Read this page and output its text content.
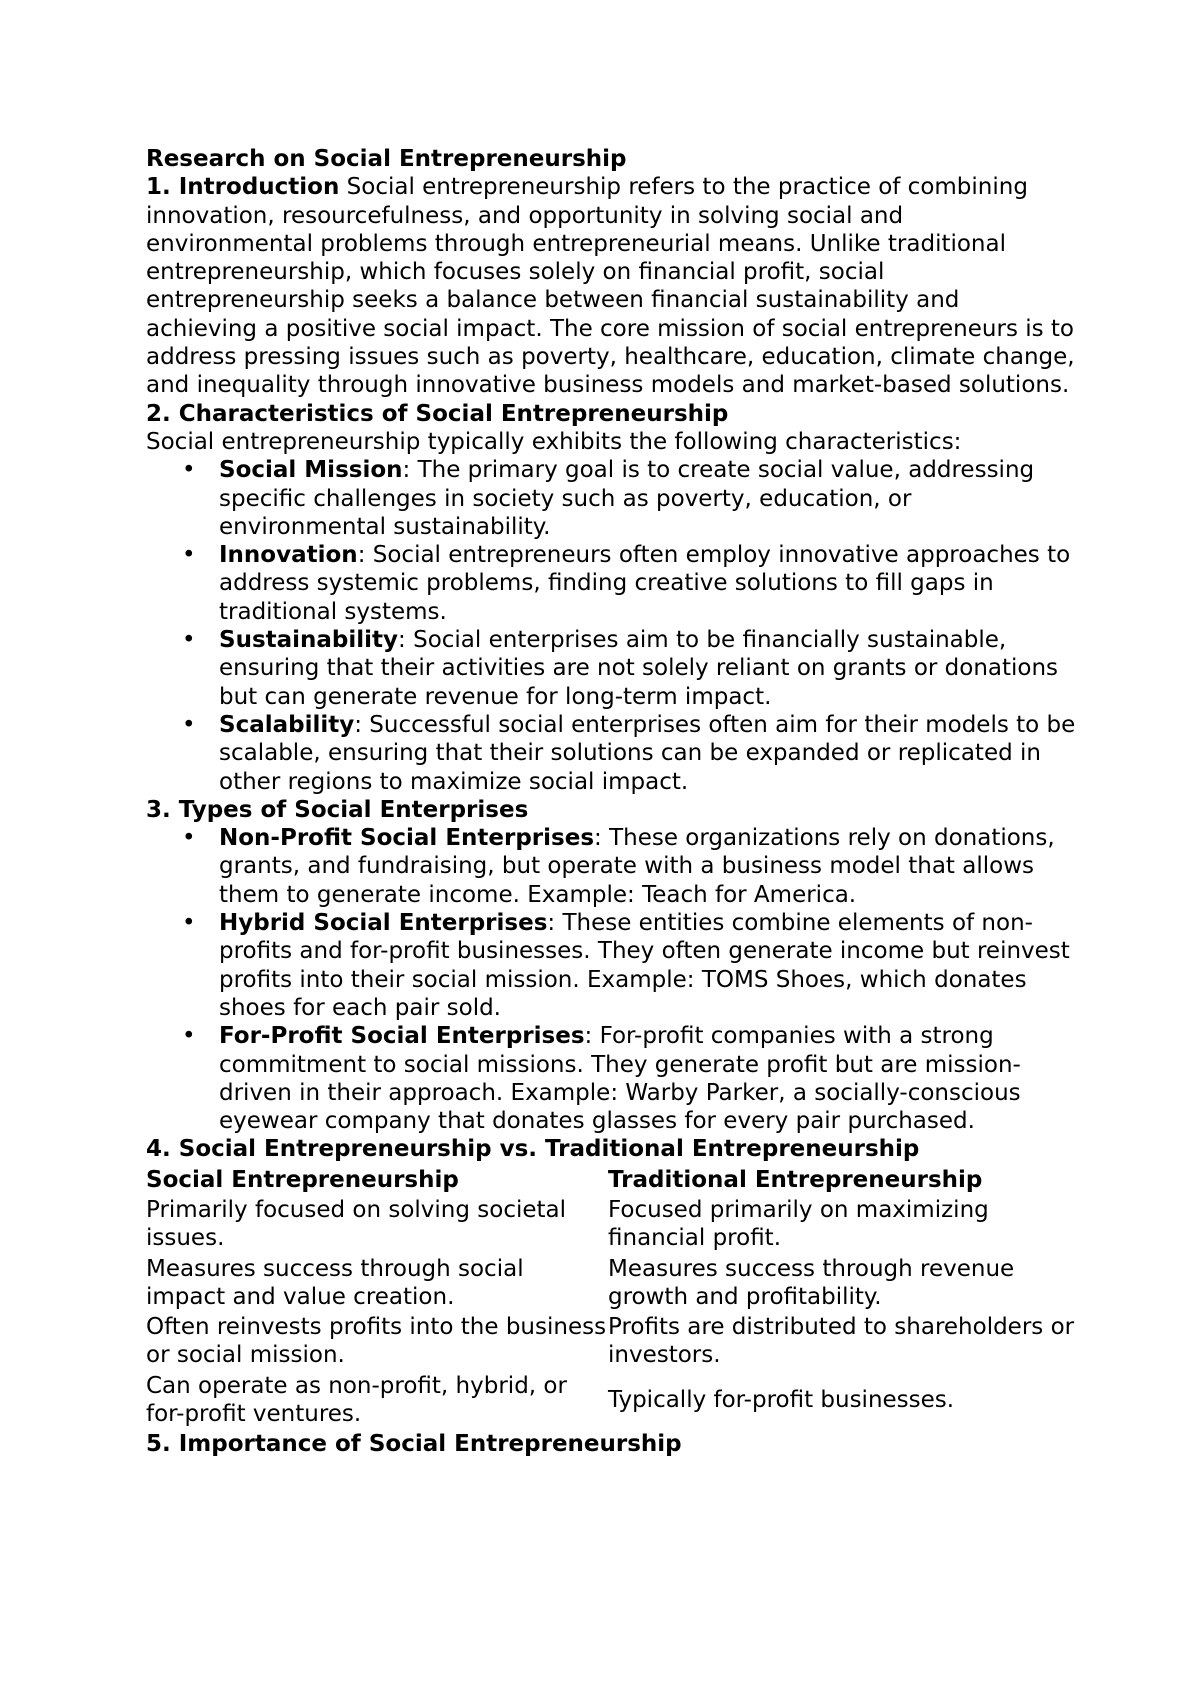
Research on Social Entrepreneurship

1. Introduction Social entrepreneurship refers to the practice of combining innovation, resourcefulness, and opportunity in solving social and environmental problems through entrepreneurial means. Unlike traditional entrepreneurship, which focuses solely on financial profit, social entrepreneurship seeks a balance between financial sustainability and achieving a positive social impact. The core mission of social entrepreneurs is to address pressing issues such as poverty, healthcare, education, climate change, and inequality through innovative business models and market-based solutions.

2. Characteristics of Social Entrepreneurship

Social entrepreneurship typically exhibits the following characteristics:

• Social Mission: The primary goal is to create social value, addressing specific challenges in society such as poverty, education, or environmental sustainability.
• Innovation: Social entrepreneurs often employ innovative approaches to address systemic problems, finding creative solutions to fill gaps in traditional systems.
• Sustainability: Social enterprises aim to be financially sustainable, ensuring that their activities are not solely reliant on grants or donations but can generate revenue for long-term impact.
• Scalability: Successful social enterprises often aim for their models to be scalable, ensuring that their solutions can be expanded or replicated in other regions to maximize social impact.
3. Types of Social Enterprises
• Non-Profit Social Enterprises: These organizations rely on donations, grants, and fundraising, but operate with a business model that allows them to generate income. Example: Teach for America.
• Hybrid Social Enterprises: These entities combine elements of non-profits and for-profit businesses. They often generate income but reinvest profits into their social mission. Example: TOMS Shoes, which donates shoes for each pair sold.
• For-Profit Social Enterprises: For-profit companies with a strong commitment to social missions. They generate profit but are mission-driven in their approach. Example: Warby Parker, a socially-conscious eyewear company that donates glasses for every pair purchased.
4. Social Entrepreneurship vs. Traditional Entrepreneurship
Social Entrepreneurship	Traditional Entrepreneurship
Primarily focused on solving societal issues.	Focused primarily on maximizing financial profit.
Measures success through social impact and value creation.	Measures success through revenue growth and profitability.
Often reinvests profits into the business or social mission.	Profits are distributed to shareholders or investors.
Can operate as non-profit, hybrid, or for-profit ventures.	Typically for-profit businesses.
5. Importance of Social Entrepreneurship
